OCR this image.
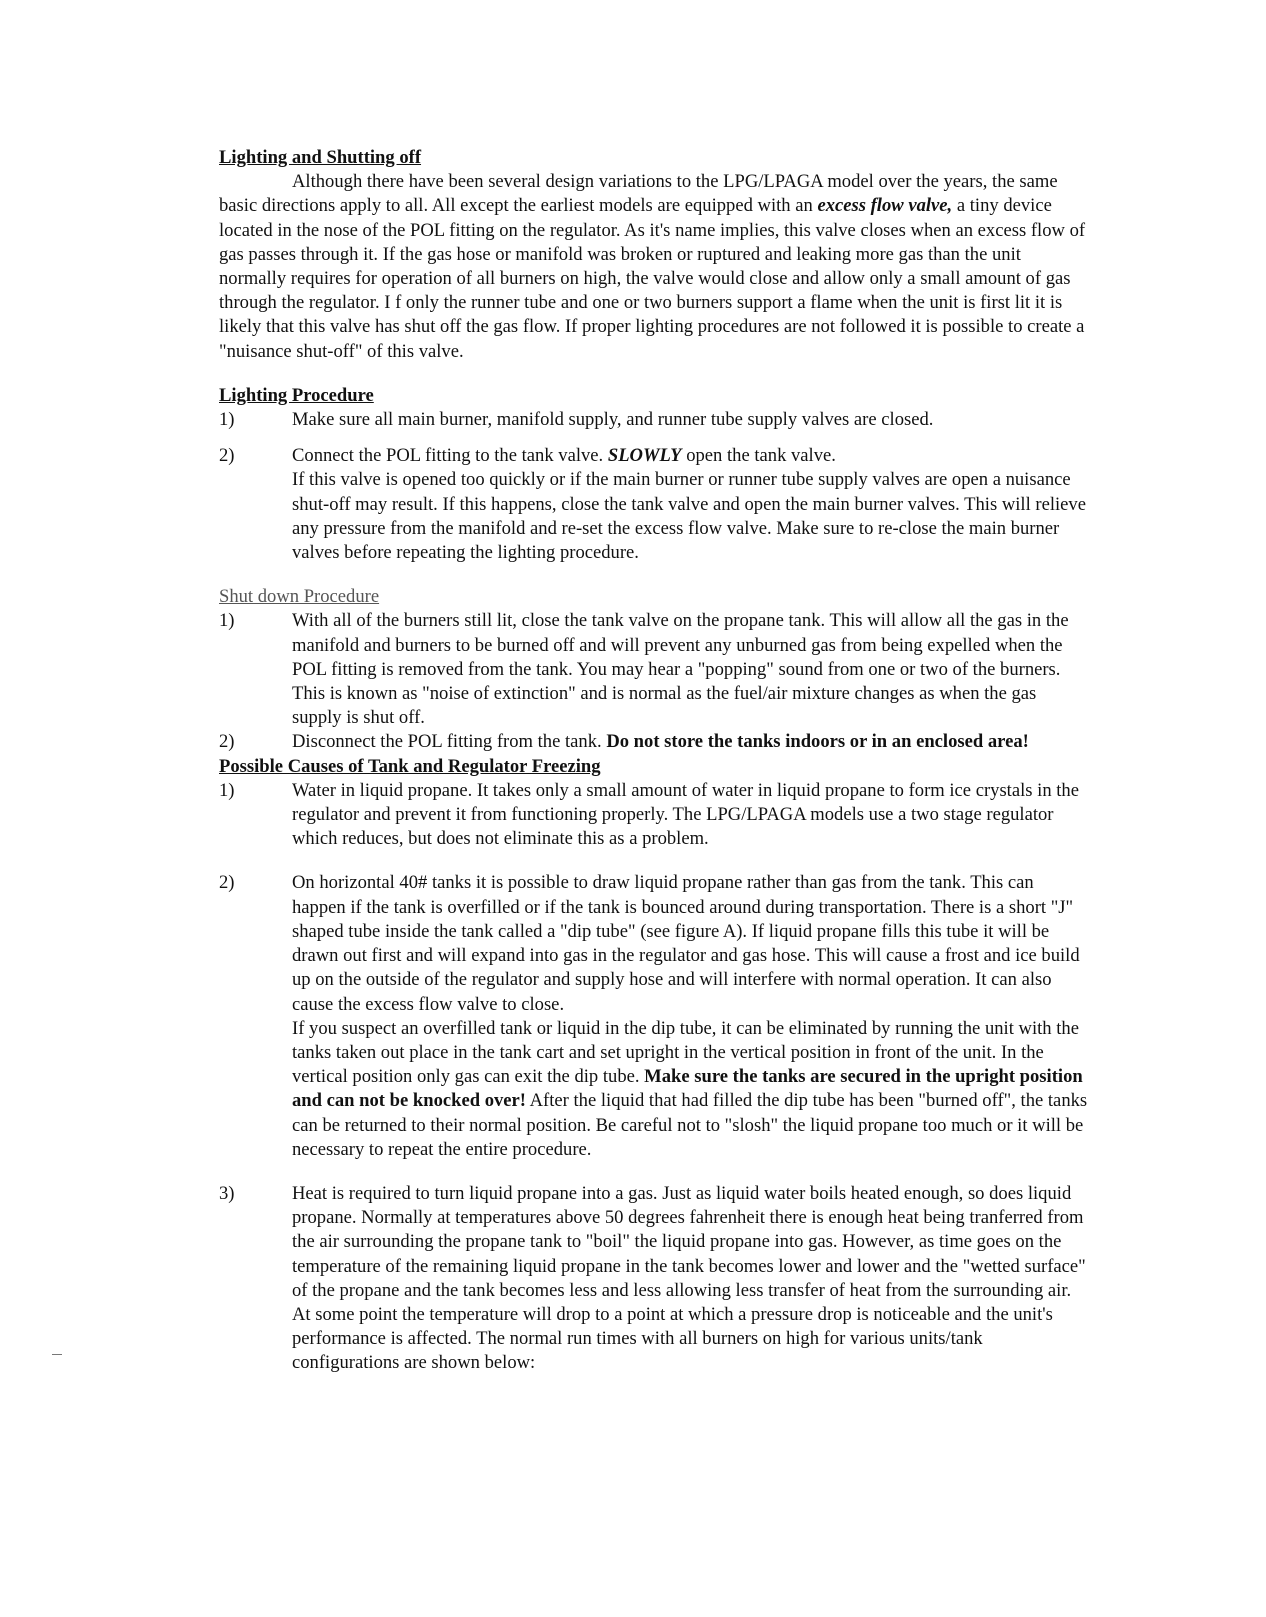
Lighting and Shutting off

Although there have been several design variations to the LPG/LPAGA model over the years, the same basic directions apply to all. All except the earliest models are equipped with an excess flow valve, a tiny device located in the nose of the POL fitting on the regulator. As it's name implies, this valve closes when an excess flow of gas passes through it. If the gas hose or manifold was broken or ruptured and leaking more gas than the unit normally requires for operation of all burners on high, the valve would close and allow only a small amount of gas through the regulator. I f only the runner tube and one or two burners support a flame when the unit is first lit it is likely that this valve has shut off the gas flow. If proper lighting procedures are not followed it is possible to create a "nuisance shut-off" of this valve.

Lighting Procedure

1)	Make sure all main burner, manifold supply, and runner tube supply valves are closed.

2)	Connect the POL fitting to the tank valve. SLOWLY open the tank valve.

If this valve is opened too quickly or if the main burner or runner tube supply valves are open a nuisance shut-off may result. If this happens, close the tank valve and open the main burner valves. This will relieve any pressure from the manifold and re-set the excess flow valve. Make sure to re-close the main burner valves before repeating the lighting procedure.

Shut down Procedure

1)	With all of the burners still lit, close the tank valve on the propane tank. This will allow all the gas in the manifold and burners to be burned off and will prevent any unburned gas from being expelled when the POL fitting is removed from the tank. You may hear a "popping" sound from one or two of the burners. This is known as "noise of extinction" and is normal as the fuel/air mixture changes as when the gas supply is shut off.

2)	Disconnect the POL fitting from the tank. Do not store the tanks indoors or in an enclosed area!

Possible Causes of Tank and Regulator Freezing

1)	Water in liquid propane. It takes only a small amount of water in liquid propane to form ice crystals in the regulator and prevent it from functioning properly. The LPG/LPAGA models use a two stage regulator which reduces, but does not eliminate this as a problem.

2)	On horizontal 40# tanks it is possible to draw liquid propane rather than gas from the tank. This can happen if the tank is overfilled or if the tank is bounced around during transportation. There is a short "J" shaped tube inside the tank called a "dip tube" (see figure A). If liquid propane fills this tube it will be drawn out first and will expand into gas in the regulator and gas hose. This will cause a frost and ice build up on the outside of the regulator and supply hose and will interfere with normal operation. It can also cause the excess flow valve to close.

If you suspect an overfilled tank or liquid in the dip tube, it can be eliminated by running the unit with the tanks taken out place in the tank cart and set upright in the vertical position in front of the unit. In the vertical position only gas can exit the dip tube. Make sure the tanks are secured in the upright position and can not be knocked over! After the liquid that had filled the dip tube has been "burned off", the tanks can be returned to their normal position. Be careful not to "slosh" the liquid propane too much or it will be necessary to repeat the entire procedure.

3)	Heat is required to turn liquid propane into a gas. Just as liquid water boils heated enough, so does liquid propane. Normally at temperatures above 50 degrees fahrenheit there is enough heat being tranferred from the air surrounding the propane tank to "boil" the liquid propane into gas. However, as time goes on the temperature of the remaining liquid propane in the tank becomes lower and lower and the "wetted surface" of the propane and the tank becomes less and less allowing less transfer of heat from the surrounding air. At some point the temperature will drop to a point at which a pressure drop is noticeable and the unit's performance is affected. The normal run times with all burners on high for various units/tank configurations are shown below:
